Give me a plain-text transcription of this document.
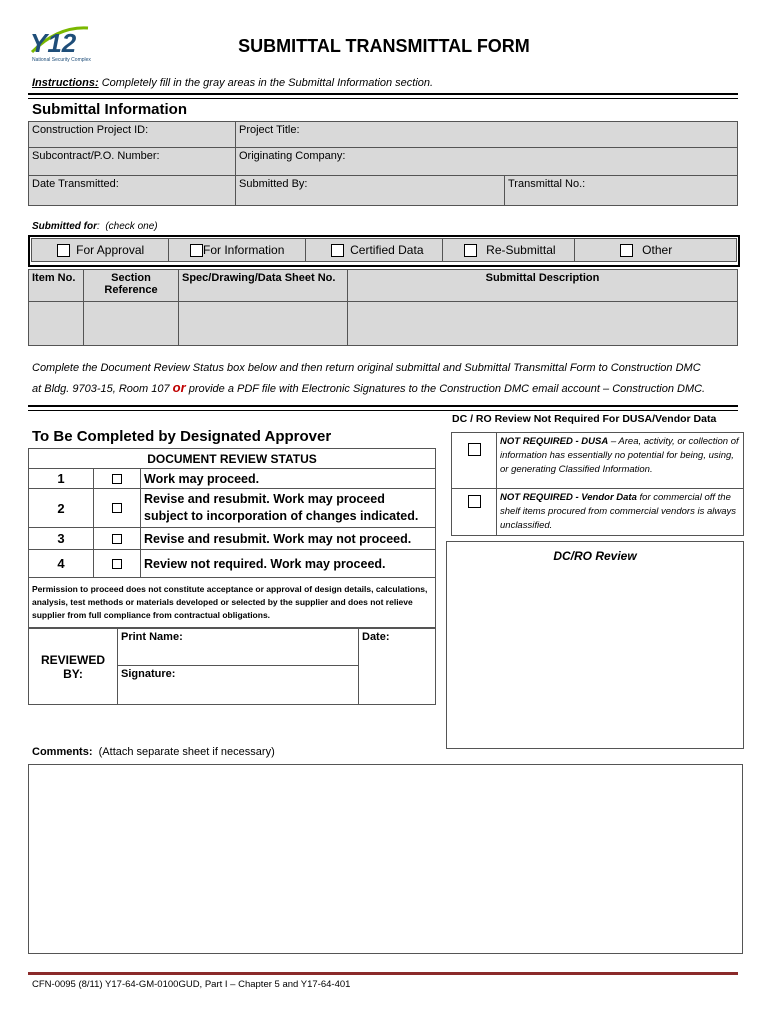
Y12
National Security Complex
SUBMITTAL TRANSMITTAL FORM
Instructions: Completely fill in the gray areas in the Submittal Information section.
Submittal Information
Construction Project ID:	Project Title:	
Subcontract/P.O. Number:	Originating Company:	
Date Transmitted:	Submitted By:	Transmittal No.:
Submitted for:  (check one)
For Approval	For Information	Certified Data	Re-Submittal	Other
Item No.	Section Reference	Spec/Drawing/Data Sheet No.	Submittal Description

Complete the Document Review Status box below and then return original submittal and Submittal Transmittal Form to Construction DMC
at Bldg. 9703-15, Room 107 or provide a PDF file with Electronic Signatures to the Construction DMC email account – Construction DMC.
DC / RO Review Not Required For DUSA/Vendor Data
	NOT REQUIRED - DUSA – Area, activity, or collection of information has essentially no potential for being, using, or generating Classified Information.
	NOT REQUIRED - Vendor Data for commercial off the shelf items procured from commercial vendors is always unclassified.
DC/RO Review
To Be Completed by Designated Approver
DOCUMENT REVIEW STATUS		
1		Work may proceed.
2		Revise and resubmit. Work may proceed subject to incorporation of changes indicated.
3		Revise and resubmit. Work may not proceed.
4		Review not required. Work may proceed.
Permission to proceed does not constitute acceptance or approval of design details, calculations, analysis, test methods or materials developed or selected by the supplier and does not relieve supplier from full compliance from contractual obligations.		
REVIEWED BY:	Print Name:	Date:
Signature:
Comments: (Attach separate sheet if necessary)
CFN-0095 (8/11) Y17-64-GM-0100GUD, Part I – Chapter 5 and Y17-64-401
